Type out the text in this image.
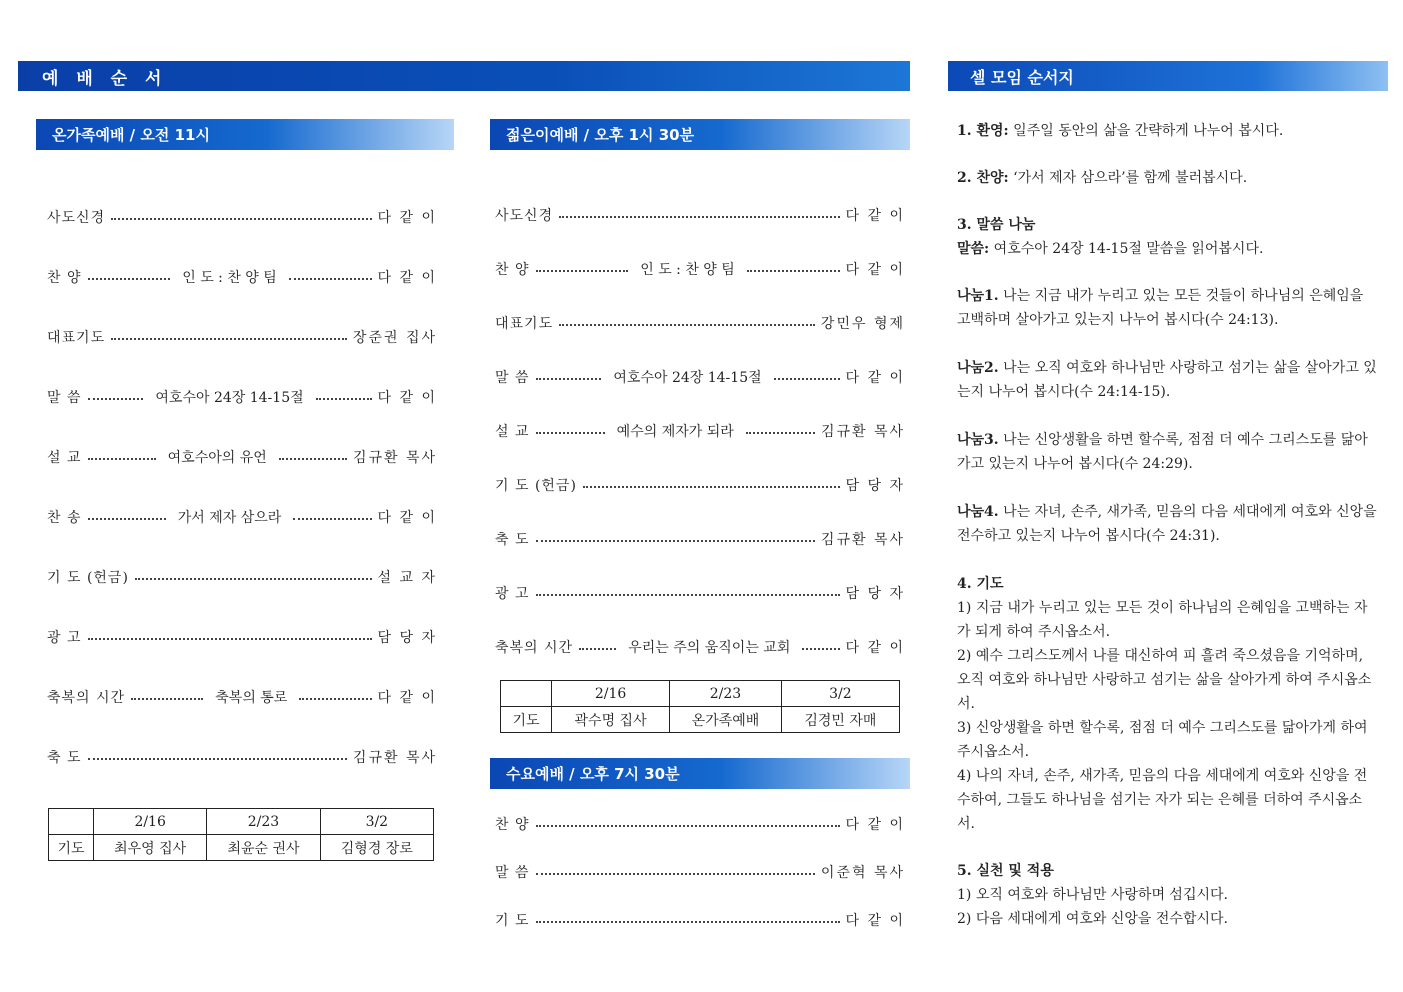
예 배 순 서	셀 모임 순서지
온가족예배 / 오전 11시
사도신경	다 같 이
찬 양	인 도 : 찬 양 팀	다 같 이
대표기도	장준권 집사
말 씀	여호수아 24장 14-15절	다 같 이
설 교	여호수아의 유언	김규환 목사
찬 송	가서 제자 삼으라	다 같 이
기 도 (헌금)	설 교 자
광 고	담 당 자
축복의 시간	축복의 통로	다 같 이
축 도	김규환 목사
	2/16	2/23	3/2
기도	최우영 집사	최윤순 권사	김형경 장로
젊은이예배 / 오후 1시 30분
사도신경	다 같 이
찬 양	인 도 : 찬 양 팀	다 같 이
대표기도	강민우 형제
말 씀	여호수아 24장 14-15절	다 같 이
설 교	예수의 제자가 되라	김규환 목사
기 도 (헌금)	담 당 자
축 도	김규환 목사
광 고	담 당 자
축복의 시간	우리는 주의 움직이는 교회	다 같 이
	2/16	2/23	3/2
기도	곽수명 집사	온가족예배	김경민 자매
수요예배 / 오후 7시 30분
찬 양	다 같 이
말 씀	이준혁 목사
기 도	다 같 이

1. 환영: 일주일 동안의 삶을 간략하게 나누어 봅시다.

2. 찬양: ‘가서 제자 삼으라’를 함께 불러봅시다.

3. 말씀 나눔

말씀: 여호수아 24장 14-15절 말씀을 읽어봅시다.

나눔1. 나는 지금 내가 누리고 있는 모든 것들이 하나님의 은혜임을 고백하며 살아가고 있는지 나누어 봅시다(수 24:13).

나눔2. 나는 오직 여호와 하나님만 사랑하고 섬기는 삶을 살아가고 있는지 나누어 봅시다(수 24:14-15).

나눔3. 나는 신앙생활을 하면 할수록, 점점 더 예수 그리스도를 닮아가고 있는지 나누어 봅시다(수 24:29).

나눔4. 나는 자녀, 손주, 새가족, 믿음의 다음 세대에게 여호와 신앙을 전수하고 있는지 나누어 봅시다(수 24:31).

4. 기도

1) 지금 내가 누리고 있는 모든 것이 하나님의 은혜임을 고백하는 자가 되게 하여 주시옵소서.

2) 예수 그리스도께서 나를 대신하여 피 흘려 죽으셨음을 기억하며, 오직 여호와 하나님만 사랑하고 섬기는 삶을 살아가게 하여 주시옵소서.

3) 신앙생활을 하면 할수록, 점점 더 예수 그리스도를 닮아가게 하여 주시옵소서.

4) 나의 자녀, 손주, 새가족, 믿음의 다음 세대에게 여호와 신앙을 전수하여, 그들도 하나님을 섬기는 자가 되는 은혜를 더하여 주시옵소서.

5. 실천 및 적용

1) 오직 여호와 하나님만 사랑하며 섬깁시다.

2) 다음 세대에게 여호와 신앙을 전수합시다.
